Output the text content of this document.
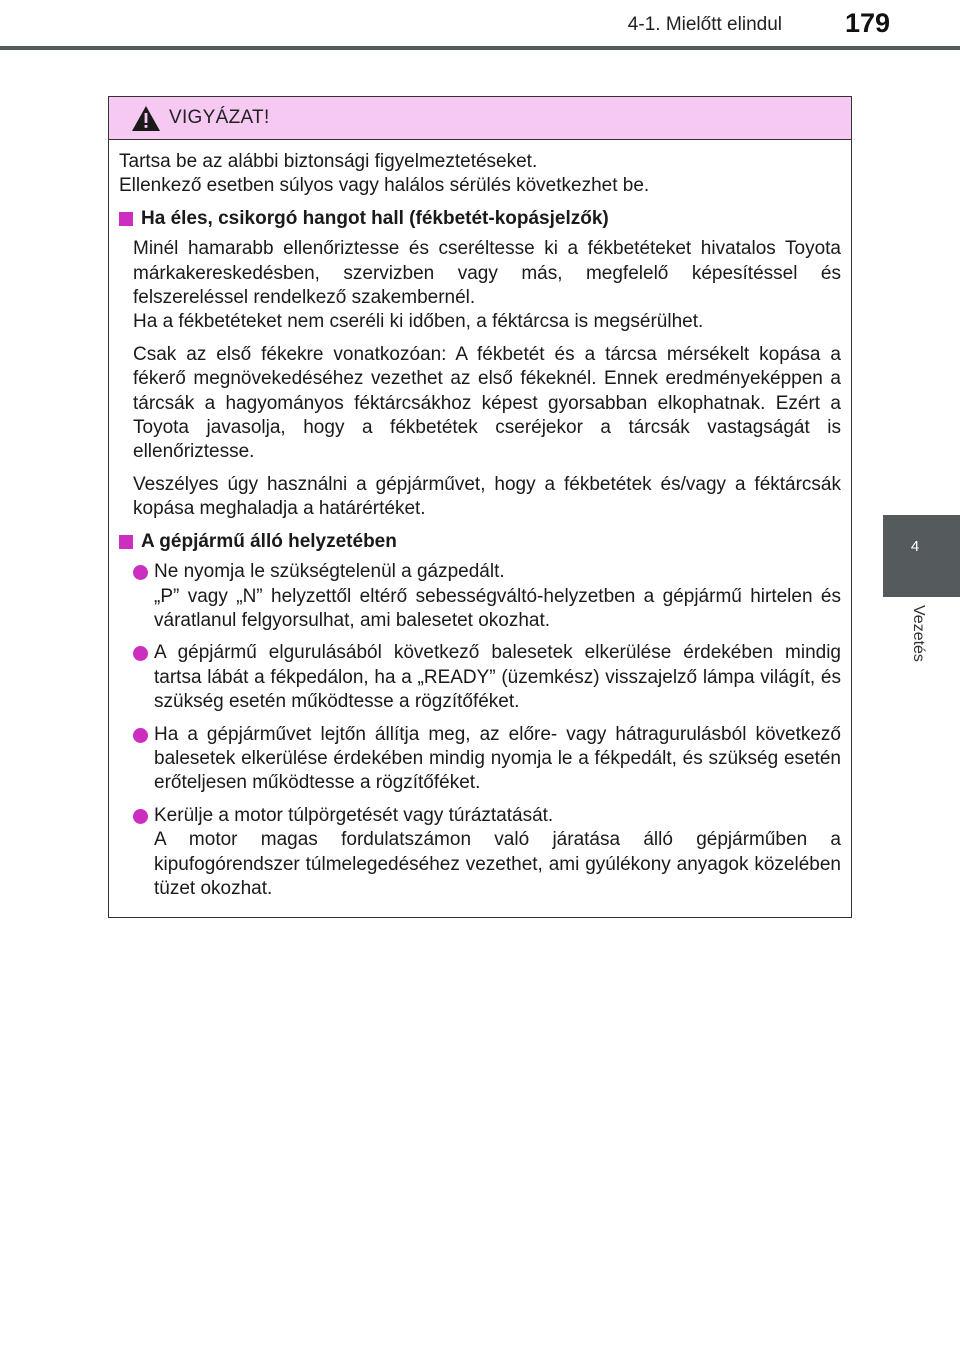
4-1. Mielőtt elindul	179
4
Vezetés
VIGYÁZAT!
Tartsa be az alábbi biztonsági figyelmeztetéseket.
Ellenkező esetben súlyos vagy halálos sérülés következhet be.
Ha éles, csikorgó hangot hall (fékbetét-kopásjelzők)
Minél hamarabb ellenőriztesse és cseréltesse ki a fékbetéteket hivatalos Toyota márkakereskedésben, szervizben vagy más, megfelelő képesítéssel és felszereléssel rendelkező szakembernél.
Ha a fékbetéteket nem cseréli ki időben, a féktárcsa is megsérülhet.
Csak az első fékekre vonatkozóan: A fékbetét és a tárcsa mérsékelt kopása a fékerő megnövekedéséhez vezethet az első fékeknél. Ennek eredményeképpen a tárcsák a hagyományos féktárcsákhoz képest gyorsabban elkophatnak. Ezért a Toyota javasolja, hogy a fékbetétek cseréjekor a tárcsák vastagságát is ellenőriztesse.
Veszélyes úgy használni a gépjárművet, hogy a fékbetétek és/vagy a féktárcsák kopása meghaladja a határértéket.
A gépjármű álló helyzetében
Ne nyomja le szükségtelenül a gázpedált.
„P” vagy „N” helyzettől eltérő sebességváltó-helyzetben a gépjármű hirtelen és váratlanul felgyorsulhat, ami balesetet okozhat.
A gépjármű elgurulásából következő balesetek elkerülése érdekében mindig tartsa lábát a fékpedálon, ha a „READY” (üzemkész) visszajelző lámpa világít, és szükség esetén működtesse a rögzítőféket.
Ha a gépjárművet lejtőn állítja meg, az előre- vagy hátragurulásból következő balesetek elkerülése érdekében mindig nyomja le a fékpedált, és szükség esetén erőteljesen működtesse a rögzítőféket.
Kerülje a motor túlpörgetését vagy túráztatását.
A motor magas fordulatszámon való járatása álló gépjárműben a kipufogórendszer túlmelegedéséhez vezethet, ami gyúlékony anyagok közelében tüzet okozhat.
